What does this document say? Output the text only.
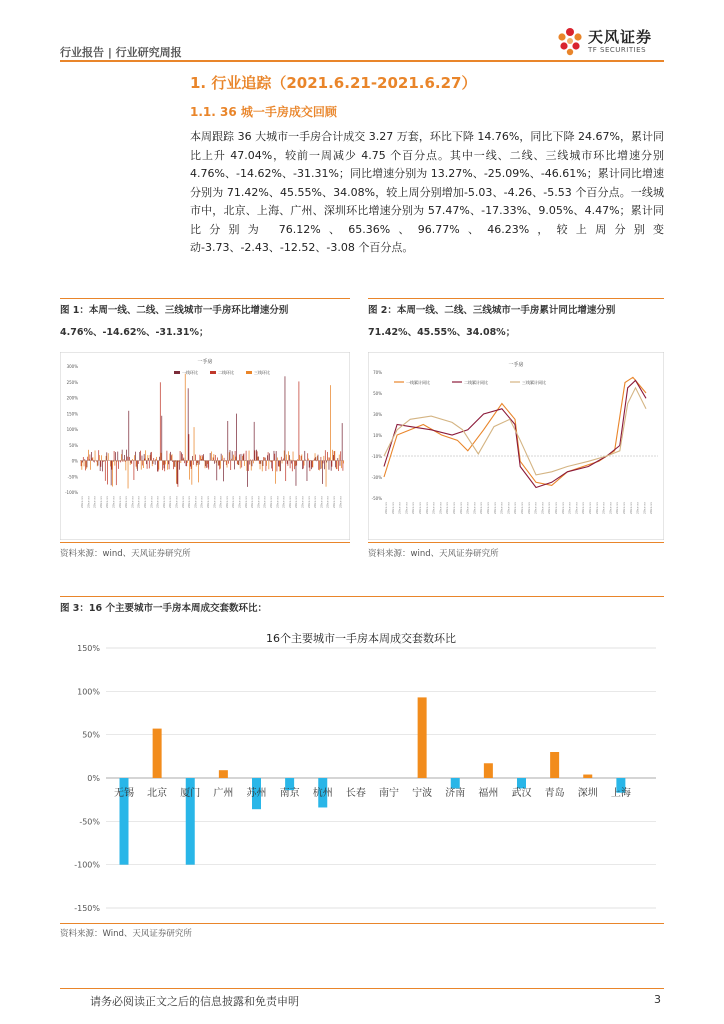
行业报告 | 行业研究周报
天风证券
TF SECURITIES
1. 行业追踪（2021.6.21-2021.6.27）
1.1. 36 城一手房成交回顾
本周跟踪 36 大城市一手房合计成交 3.27 万套，环比下降 14.76%，同比下降 24.67%，累计同比上升 47.04%，较前一周减少 4.75 个百分点。其中一线、二线、三线城市环比增速分别 4.76%、-14.62%、-31.31%；同比增速分别为 13.27%、-25.09%、-46.61%；累计同比增速分别为 71.42%、45.55%、34.08%，较上周分别增加-5.03、-4.26、-5.53 个百分点。一线城市中，北京、上海、广州、深圳环比增速分别为 57.47%、-17.33%、9.05%、4.47%；累计同比分别为 76.12%、65.36%、96.77%、46.23%，较上周分别变动-3.73、-2.43、-12.52、-3.08 个百分点。
图 1：本周一线、二线、三线城市一手房环比增速分别 4.76%、-14.62%、-31.31%；
一手房
300%
250%
200%
150%
100%
50%
0%
-50%
-100%
20xx-xx 20xx-xx 20xx-xx 20xx-xx 20xx-xx 20xx-xx 20xx-xx 20xx-xx 20xx-xx 20xx-xx 20xx-xx 20xx-xx 20xx-xx 20xx-xx 20xx-xx 20xx-xx 20xx-xx 20xx-xx 20xx-xx 20xx-xx 20xx-xx 20xx-xx 20xx-xx 20xx-xx 20xx-xx 20xx-xx 20xx-xx 20xx-xx 20xx-xx 20xx-xx 20xx-xx 20xx-xx 20xx-xx 20xx-xx 20xx-xx 20xx-xx 20xx-xx 20xx-xx 20xx-xx 20xx-xx 20xx-xx 20xx-xx
一线环比	二线环比	三线环比
资料来源：wind、天风证券研究所
图 2：本周一线、二线、三线城市一手房累计同比增速分别 71.42%、45.55%、34.08%；
一手房
70%
50%
30%
10%
-10%
-30%
-50%
20xx-xx 20xx-xx 20xx-xx 20xx-xx 20xx-xx 20xx-xx 20xx-xx 20xx-xx 20xx-xx 20xx-xx 20xx-xx 20xx-xx 20xx-xx 20xx-xx 20xx-xx 20xx-xx 20xx-xx 20xx-xx 20xx-xx 20xx-xx 20xx-xx 20xx-xx 20xx-xx 20xx-xx 20xx-xx 20xx-xx 20xx-xx 20xx-xx 20xx-xx 20xx-xx 20xx-xx 20xx-xx 20xx-xx 20xx-xx 20xx-xx 20xx-xx 20xx-xx 20xx-xx 20xx-xx 20xx-xx
一线累计同比	二线累计同比	三线累计同比
资料来源：wind、天风证券研究所
图 3：16 个主要城市一手房本周成交套数环比：
16个主要城市一手房本周成交套数环比
150%
100%
50%
0%
-50%
-100%
-150%
无锡 北京 厦门 广州 苏州 南京 杭州 长春 南宁 宁波 济南 福州 武汉 青岛 深圳 上海
资料来源：Wind、天风证券研究所
请务必阅读正文之后的信息披露和免责申明	3
